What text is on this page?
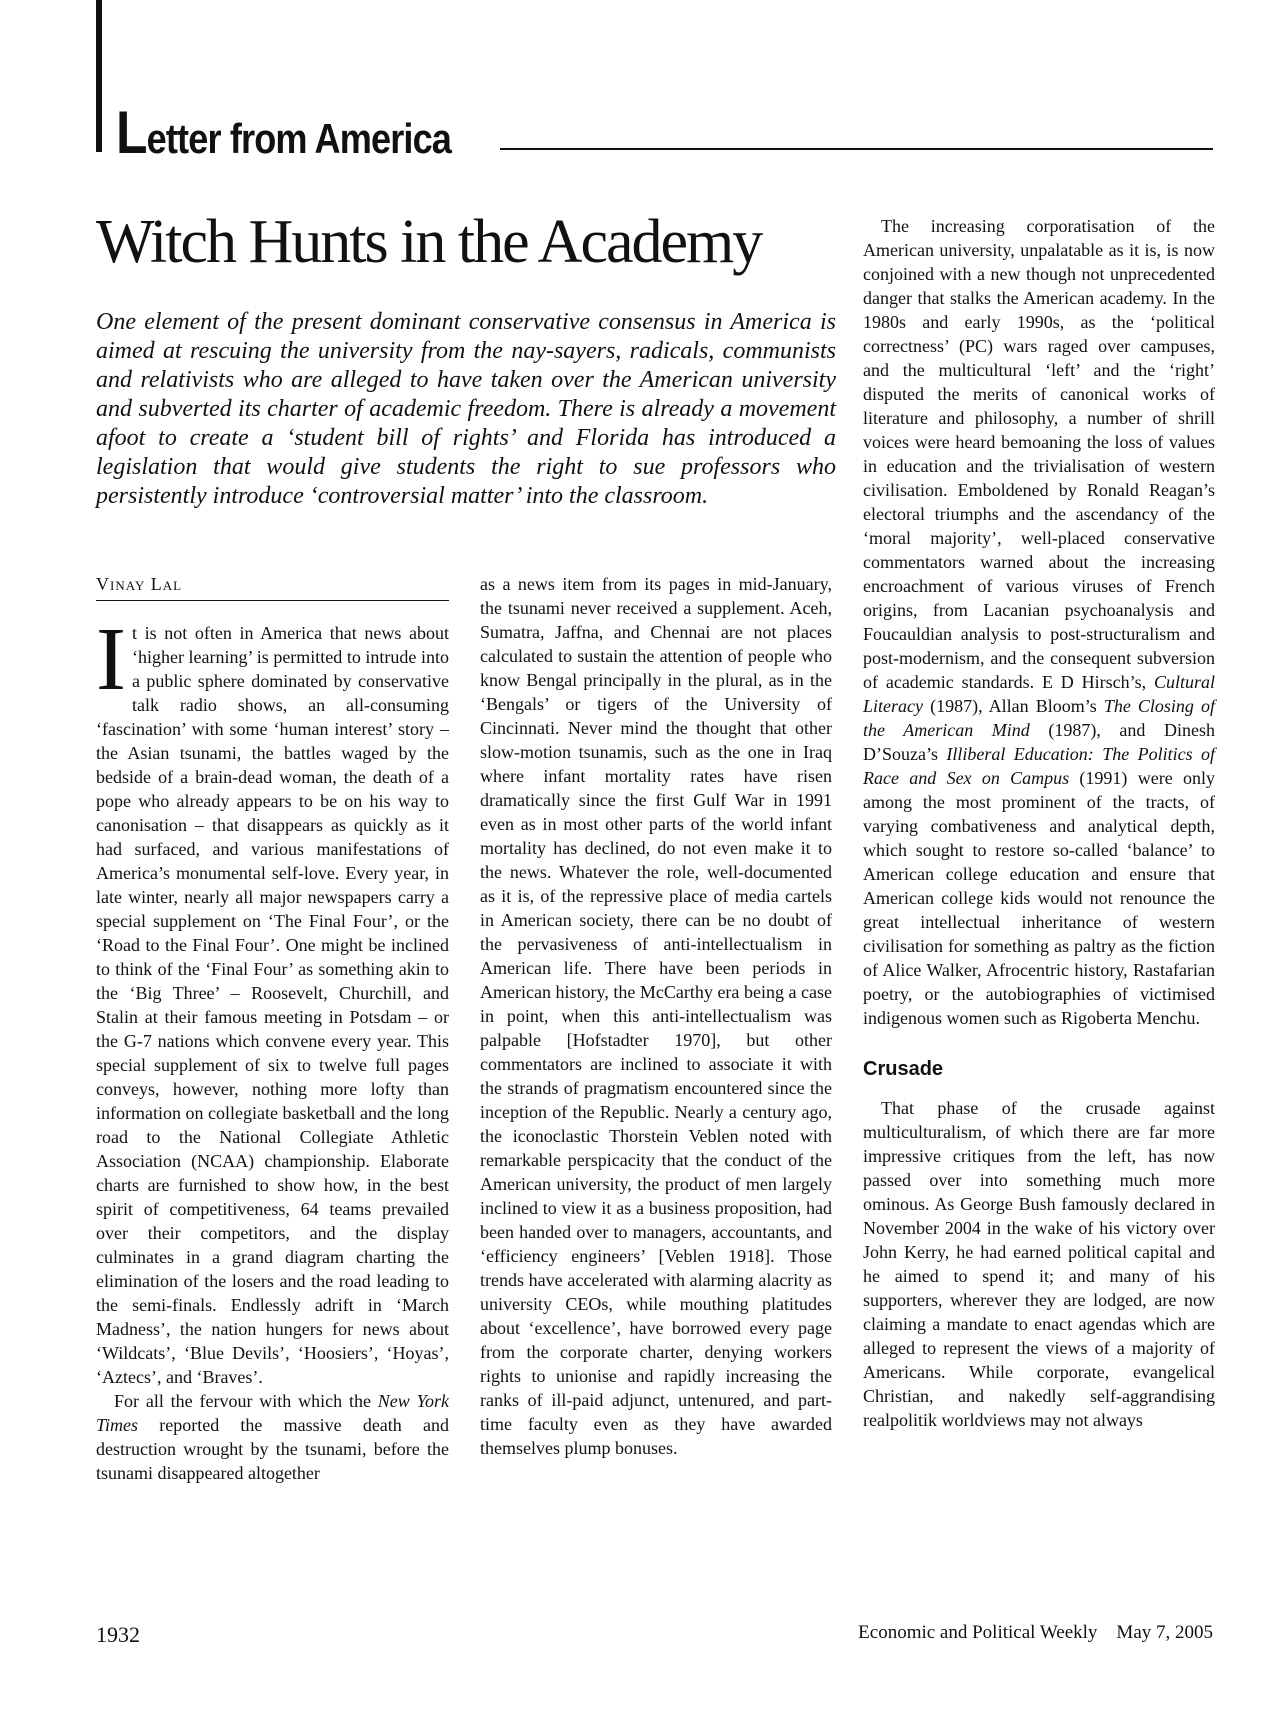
Letter from America
Witch Hunts in the Academy

One element of the present dominant conservative consensus in America is aimed at rescuing the university from the nay-sayers, radicals, communists and relativists who are alleged to have taken over the American university and subverted its charter of academic freedom. There is already a movement afoot to create a ‘student bill of rights’ and Florida has introduced a legislation that would give students the right to sue professors who persistently introduce ‘controversial matter’ into the classroom.

Vinay Lal

It is not often in America that news about ‘higher learning’ is permitted to intrude into a public sphere dominated by conservative talk radio shows, an all-consuming ‘fascination’ with some ‘human interest’ story – the Asian tsunami, the battles waged by the bedside of a brain-dead woman, the death of a pope who already appears to be on his way to canonisation – that disappears as quickly as it had surfaced, and various manifestations of America’s monumental self-love. Every year, in late winter, nearly all major newspapers carry a special supplement on ‘The Final Four’, or the ‘Road to the Final Four’. One might be inclined to think of the ‘Final Four’ as something akin to the ‘Big Three’ – Roosevelt, Churchill, and Stalin at their famous meeting in Potsdam – or the G-7 nations which convene every year. This special supplement of six to twelve full pages conveys, however, nothing more lofty than information on collegiate basketball and the long road to the National Collegiate Athletic Association (NCAA) championship. Elaborate charts are furnished to show how, in the best spirit of competitiveness, 64 teams prevailed over their competitors, and the display culminates in a grand diagram charting the elimination of the losers and the road leading to the semi-finals. Endlessly adrift in ‘March Madness’, the nation hungers for news about ‘Wildcats’, ‘Blue Devils’, ‘Hoosiers’, ‘Hoyas’, ‘Aztecs’, and ‘Braves’.

For all the fervour with which the New York Times reported the massive death and destruction wrought by the tsunami, before the tsunami disappeared altogether

as a news item from its pages in mid-January, the tsunami never received a supplement. Aceh, Sumatra, Jaffna, and Chennai are not places calculated to sustain the attention of people who know Bengal principally in the plural, as in the ‘Bengals’ or tigers of the University of Cincinnati. Never mind the thought that other slow-motion tsunamis, such as the one in Iraq where infant mortality rates have risen dramatically since the first Gulf War in 1991 even as in most other parts of the world infant mortality has declined, do not even make it to the news. Whatever the role, well-documented as it is, of the repressive place of media cartels in American society, there can be no doubt of the pervasiveness of anti-intellectualism in American life. There have been periods in American history, the McCarthy era being a case in point, when this anti-intellectualism was palpable [Hofstadter 1970], but other commentators are inclined to associate it with the strands of pragmatism encountered since the inception of the Republic. Nearly a century ago, the iconoclastic Thorstein Veblen noted with remarkable perspicacity that the conduct of the American university, the product of men largely inclined to view it as a business proposition, had been handed over to managers, accountants, and ‘efficiency engineers’ [Veblen 1918]. Those trends have accelerated with alarming alacrity as university CEOs, while mouthing platitudes about ‘excellence’, have borrowed every page from the corporate charter, denying workers rights to unionise and rapidly increasing the ranks of ill-paid adjunct, untenured, and part-time faculty even as they have awarded themselves plump bonuses.

The increasing corporatisation of the American university, unpalatable as it is, is now conjoined with a new though not unprecedented danger that stalks the American academy. In the 1980s and early 1990s, as the ‘political correctness’ (PC) wars raged over campuses, and the multicultural ‘left’ and the ‘right’ disputed the merits of canonical works of literature and philosophy, a number of shrill voices were heard bemoaning the loss of values in education and the trivialisation of western civilisation. Emboldened by Ronald Reagan’s electoral triumphs and the ascendancy of the ‘moral majority’, well-placed conservative commentators warned about the increasing encroachment of various viruses of French origins, from Lacanian psychoanalysis and Foucauldian analysis to post-structuralism and post-modernism, and the consequent subversion of academic standards. E D Hirsch’s, Cultural Literacy (1987), Allan Bloom’s The Closing of the American Mind (1987), and Dinesh D’Souza’s Illiberal Education: The Politics of Race and Sex on Campus (1991) were only among the most prominent of the tracts, of varying combativeness and analytical depth, which sought to restore so-called ‘balance’ to American college education and ensure that American college kids would not renounce the great intellectual inheritance of western civilisation for something as paltry as the fiction of Alice Walker, Afrocentric history, Rastafarian poetry, or the autobiographies of victimised indigenous women such as Rigoberta Menchu.

Crusade

That phase of the crusade against multiculturalism, of which there are far more impressive critiques from the left, has now passed over into something much more ominous. As George Bush famously declared in November 2004 in the wake of his victory over John Kerry, he had earned political capital and he aimed to spend it; and many of his supporters, wherever they are lodged, are now claiming a mandate to enact agendas which are alleged to represent the views of a majority of Americans. While corporate, evangelical Christian, and nakedly self-aggrandising realpolitik worldviews may not always

1932	Economic and Political Weekly May 7, 2005
